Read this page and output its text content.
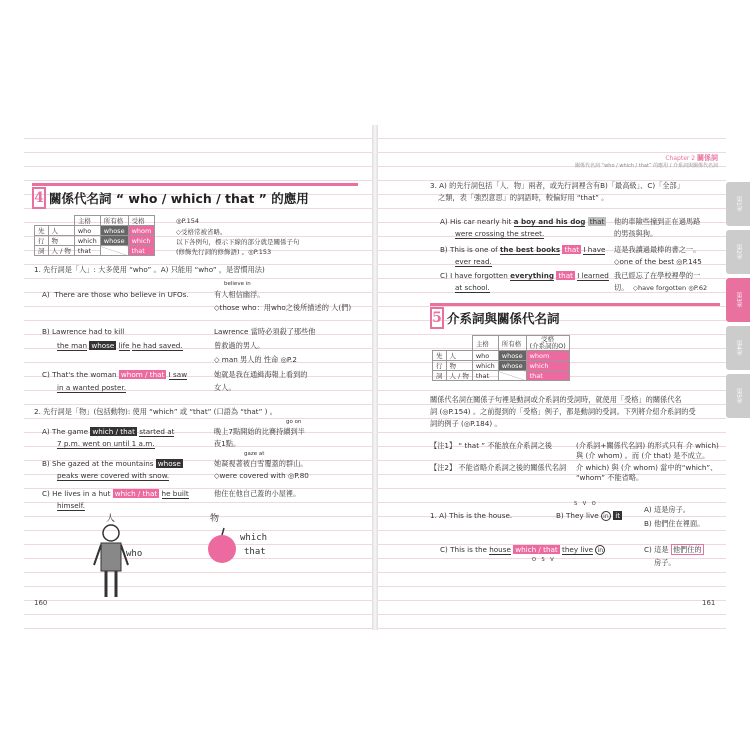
4 關係代名詞 “ who / which / that ” 的應用
		主格	所有格	受格
先	人	who	whose	whom
行	物	which	whose	which
詞	人 / 物	that		that
◎P.154
◇受格常被省略。
以下各例句，標示下線的部分就是關係子句
(修飾先行詞的修飾語) 。◎P.153
1. 先行詞是「人」: 大多使用 “who” 。A) 只能用 “who” ，是習慣用法)
believe in
A) There are those who believe in UFOs.	有人相信幽浮。
◇those who：用who之後所描述的 人(們)
B) Lawrence had to kill
the man whose life he had saved.
Lawrence 當時必須殺了那些他
曾救過的男人。
◇ man 男人的 性命 ◎P.2
C) That's the woman whom / that I saw
in a wanted poster.
她就是我在通緝海報上看到的
女人。
2. 先行詞是「物」(包括動物): 使用 “which” 或 “that” (口語為 “that” ) 。
go on
A) The game which / that started at
7 p.m. went on until 1 a.m.
晚上7點開始的比賽持續到半
夜1點。
gaze at
B) She gazed at the mountains whose
peaks were covered with snow.
她凝視著被白雪覆蓋的群山。
◇were covered with ◎P.80
C) He lives in a hut which / that he built
himself.
他住在他自己蓋的小屋裡。
人	物
who
which
that
160
Chapter 2 關係詞
關係代名詞 “who / which / that” 的應用 / 介系詞與關係代名詞
3. A) 的先行詞包括「人．物」兩者，或先行詞裡含有B)「最高級」、C)「全部」
之類，表「強烈意思」的詞語時，較偏好用 “that” 。
A) His car nearly hit a boy and his dog that
were crossing the street.
他的車險些撞到正在過馬路
的男孩與狗。
B) This is one of the best books that I have
ever read.
這是我讀過最棒的書之一。
◇one of the best ◎P.145
C) I have forgotten everything that I learned
at school.
我已經忘了在學校裡學的一
切。 ◇have forgotten ◎P.62
5 介系詞與關係代名詞
		主格	所有格	受格
(介系詞的O)
先	人	who	whose	whom
行	物	which	whose	which
詞	人 / 物	that		that
關係代名詞在關係子句裡是動詞或介系詞的受詞時，就使用「受格」的關係代名
詞 (◎P.154) 。之前提到的「受格」例子，都是動詞的受詞。下列將介紹介系詞的受
詞的例子 (◎P.184) 。
【注1】 “ that ” 不能放在介系詞之後	(介系詞+關係代名詞) 的形式只有 介 which)
與 (介 whom) 。而 (介 that) 是不成立。
【注2】 不能省略介系詞之後的關係代名詞 介 which) 與 (介 whom) 當中的“which”、
“whom” 不能省略。
S V O
1. A) This is the house.	B) They live in it
A) 這是房子。
B) 他們住在裡面。
C) This is the house which / that they live in
O S V
C) 這是 他們住的
房子。
161
第1章
第2章
第3章
第4章
第5章
